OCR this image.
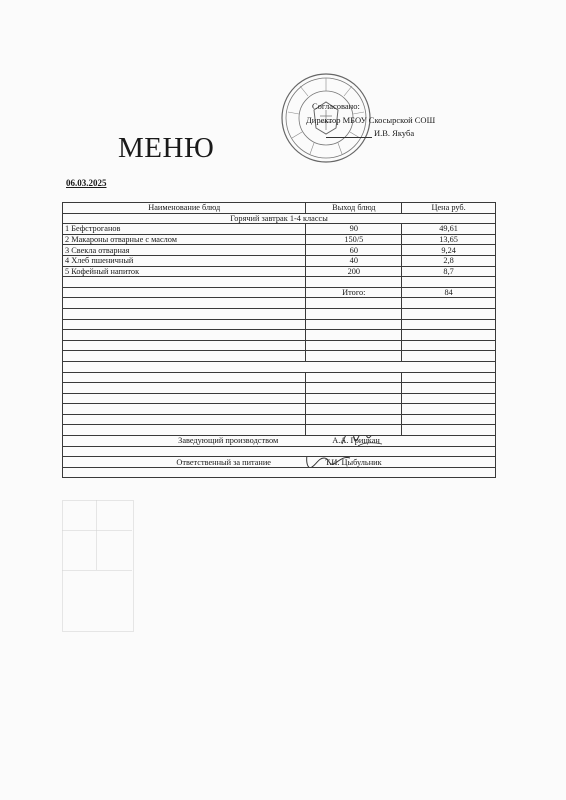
Согласовано:
Директор МБОУ Скосырской СОШ
И.В. Якуба
МЕНЮ
06.03.2025
Наименование блюд	Выход блюд	Цена руб.
Горячий завтрак 1-4 классы		
1 Бефстроганов	90	49,61
2 Макароны отварные с маслом	150/5	13,65
3 Свекла отварная	60	9,24
4 Хлеб пшеничный	40	2,8
5 Кофейный напиток	200	8,7

	Итого:	84

Заведующий производством А.А. Грицкан		

Ответственный за питание Т.И. Цыбульник		
